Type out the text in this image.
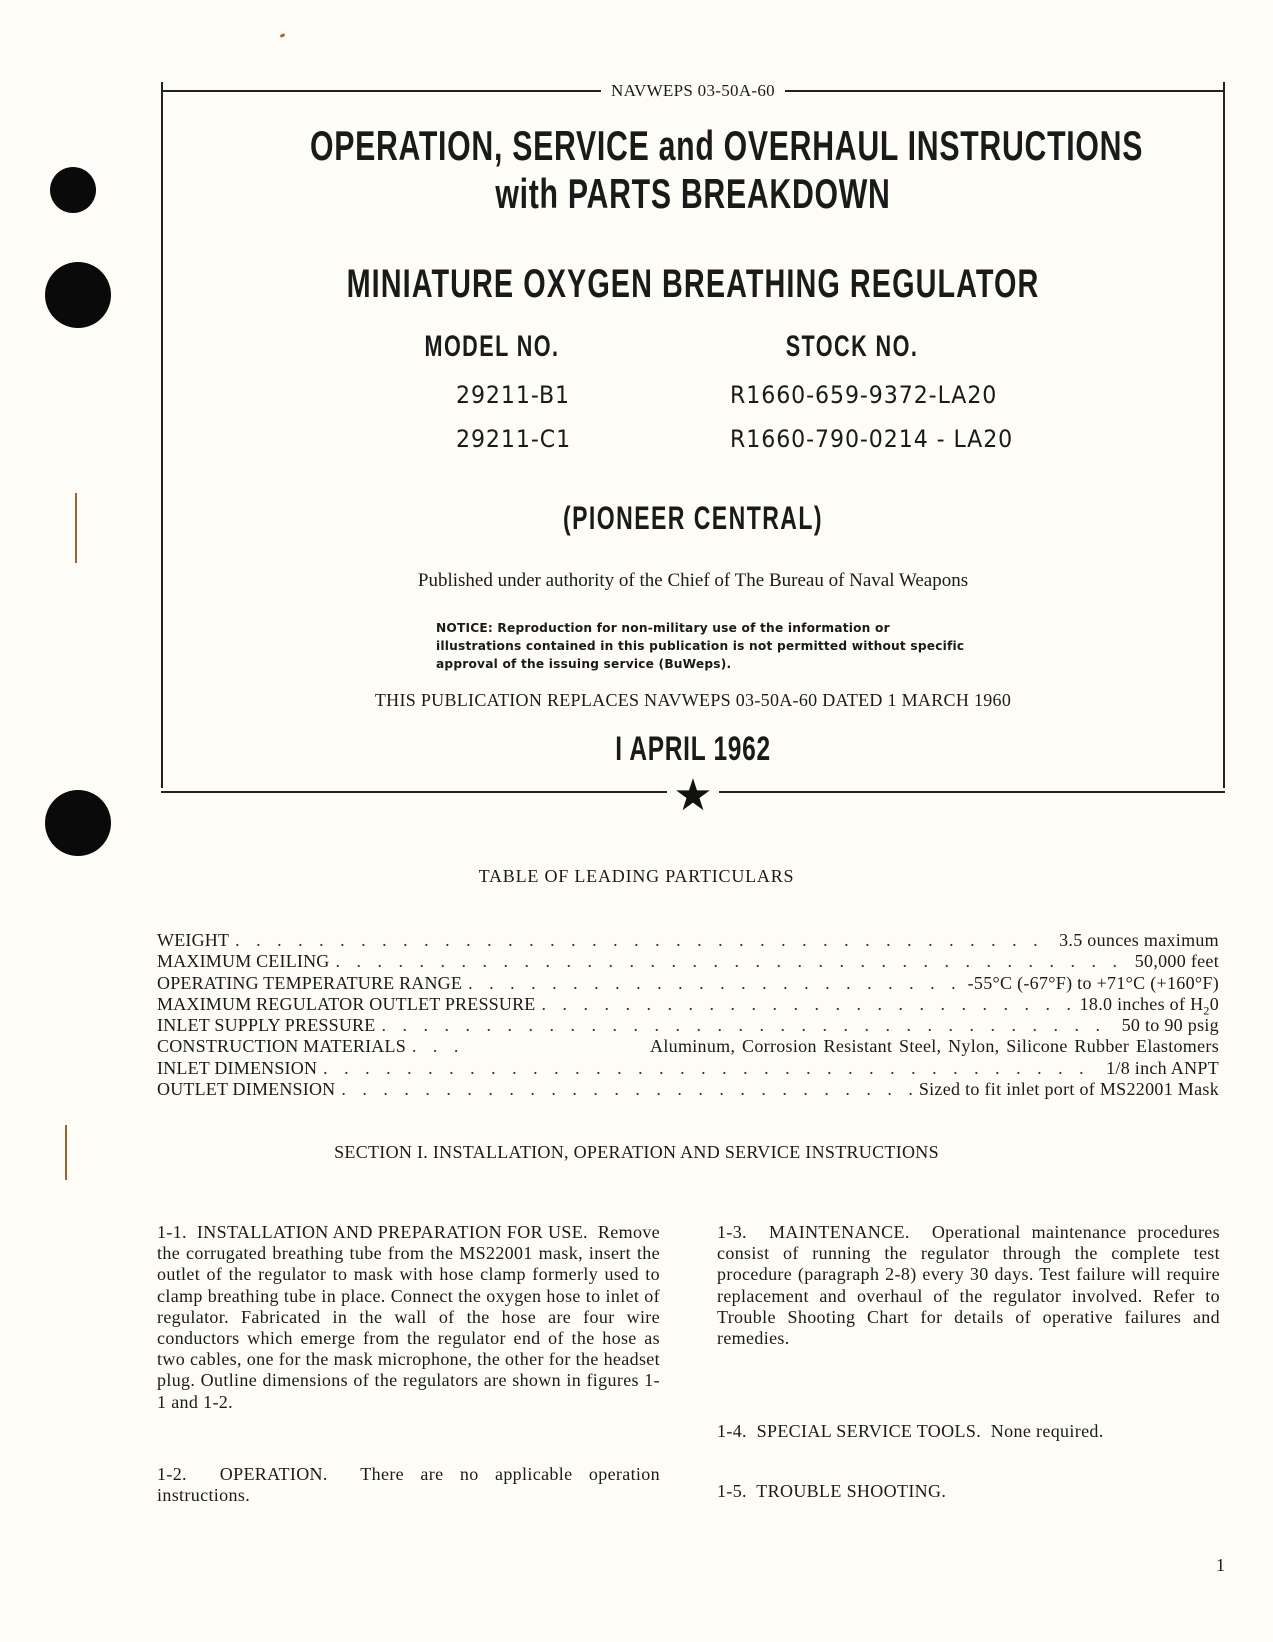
NAVWEPS 03-50A-60
★
OPERATION, SERVICE and OVERHAUL INSTRUCTIONS
with PARTS BREAKDOWN
MINIATURE OXYGEN BREATHING REGULATOR
MODEL NO.	STOCK NO.
29211-B1	R1660-659-9372-LA20
29211-C1	R1660-790-0214 - LA20
(PIONEER CENTRAL)
Published under authority of the Chief of The Bureau of Naval Weapons
NOTICE: Reproduction for non-military use of the information or illustrations contained in this publication is not permitted without specific approval of the issuing service (BuWeps).
THIS PUBLICATION REPLACES NAVWEPS 03-50A-60 DATED 1 MARCH 1960
I APRIL 1962
TABLE OF LEADING PARTICULARS
WEIGHT . . .	3.5 ounces maximum
MAXIMUM CEILING . . .	50,000 feet
OPERATING TEMPERATURE RANGE . . .	-55°C (-67°F) to +71°C (+160°F)
MAXIMUM REGULATOR OUTLET PRESSURE . . .	18.0 inches of $H_20$
INLET SUPPLY PRESSURE . . .	50 to 90 psig
CONSTRUCTION MATERIALS . . .	Aluminum, Corrosion Resistant Steel, Nylon, Silicone Rubber Elastomers
INLET DIMENSION . . .	1/8 inch ANPT
OUTLET DIMENSION . . .	Sized to fit inlet port of MS22001 Mask
SECTION I. INSTALLATION, OPERATION AND SERVICE INSTRUCTIONS
1-1. INSTALLATION AND PREPARATION FOR USE. Remove the corrugated breathing tube from the MS22001 mask, insert the outlet of the regulator to mask with hose clamp formerly used to clamp breathing tube in place. Connect the oxygen hose to inlet of regulator. Fabricated in the wall of the hose are four wire conductors which emerge from the regulator end of the hose as two cables, one for the mask microphone, the other for the headset plug. Outline dimensions of the regulators are shown in figures 1-1 and 1-2.
1-2. OPERATION. There are no applicable operation instructions.
1-3. MAINTENANCE. Operational maintenance procedures consist of running the regulator through the complete test procedure (paragraph 2-8) every 30 days. Test failure will require replacement and overhaul of the regulator involved. Refer to Trouble Shooting Chart for details of operative failures and remedies.
1-4. SPECIAL SERVICE TOOLS. None required.
1-5. TROUBLE SHOOTING.
1
